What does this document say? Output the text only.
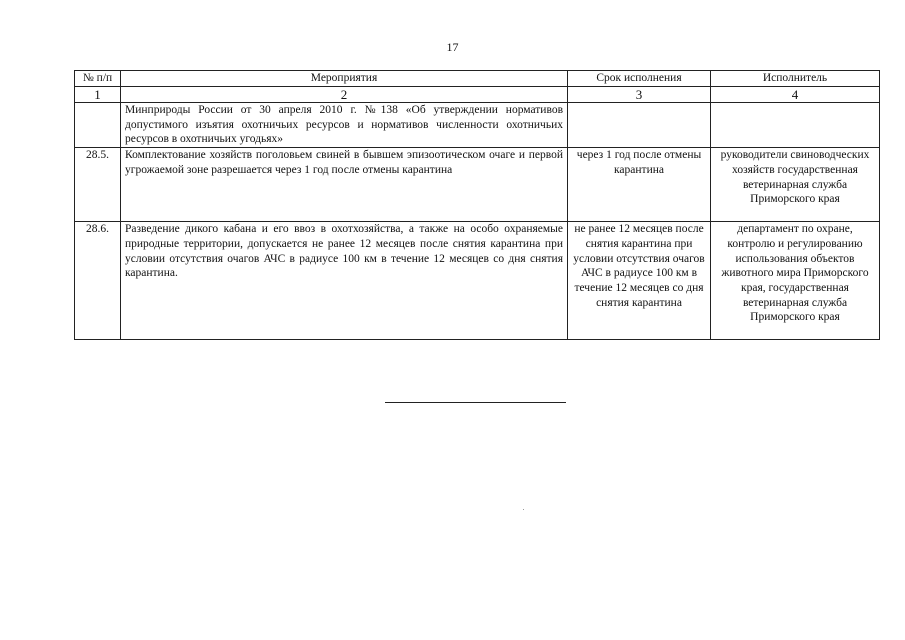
17
№ п/п	Мероприятия	Срок исполнения	Исполнитель
1	2	3	4
	Минприроды России от 30 апреля 2010 г. №138 «Об утверждении нормативов допустимого изъятия охотничьих ресурсов и нормативов численности охотничьих ресурсов в охотничьих угодьях»		
28.5.	Комплектование хозяйств поголовьем свиней в бывшем эпизоотическом очаге и первой угрожаемой зоне разрешается через 1 год после отмены карантина	через 1 год после отмены карантина	руководители свиноводческих хозяйств государственная ветеринарная служба Приморского края
28.6.	Разведение дикого кабана и его ввоз в охотхозяйства, а также на особо охраняемые природные территории, допускается не ранее 12 месяцев после снятия карантина при условии отсутствия очагов АЧС в радиусе 100 км в течение 12 месяцев со дня снятия карантина.	не ранее 12 месяцев после снятия карантина при условии отсутствия очагов АЧС в радиусе 100 км в течение 12 месяцев со дня снятия карантина	департамент по охране, контролю и регулированию использования объектов животного мира Приморского края, государственная ветеринарная служба Приморского края
